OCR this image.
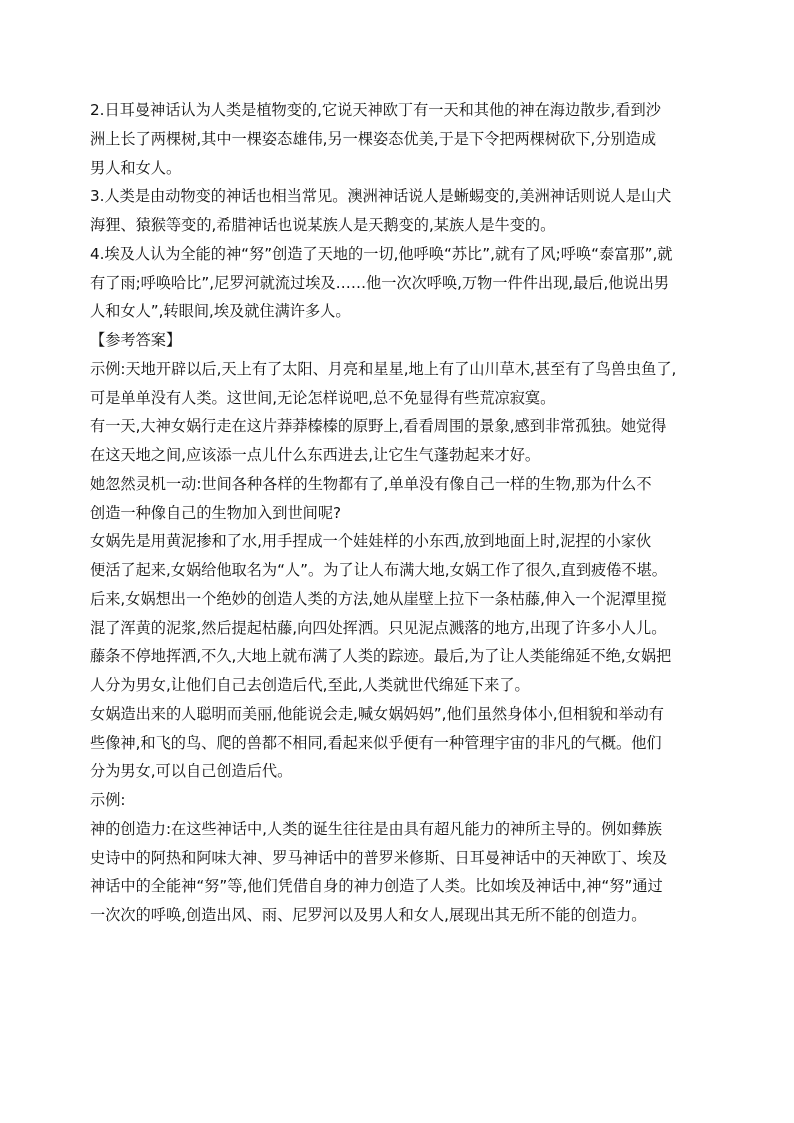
2.日耳曼神话认为人类是植物变的,它说天神欧丁有一天和其他的神在海边散步,看到沙
洲上长了两棵树,其中一棵姿态雄伟,另一棵姿态优美,于是下令把两棵树砍下,分别造成
男人和女人。
3.人类是由动物变的神话也相当常见。澳洲神话说人是蜥蜴变的,美洲神话则说人是山犬
海狸、猿猴等变的,希腊神话也说某族人是天鹅变的,某族人是牛变的。
4.埃及人认为全能的神“努”创造了天地的一切,他呼唤“苏比”,就有了风;呼唤“泰富那”,就
有了雨;呼唤哈比”,尼罗河就流过埃及……他一次次呼唤,万物一件件出现,最后,他说出男
人和女人”,转眼间,埃及就住满许多人。
【参考答案】
示例:天地开辟以后,天上有了太阳、月亮和星星,地上有了山川草木,甚至有了鸟兽虫鱼了,
可是单单没有人类。这世间,无论怎样说吧,总不免显得有些荒凉寂寞。
有一天,大神女娲行走在这片莽莽榛榛的原野上,看看周围的景象,感到非常孤独。她觉得
在这天地之间,应该添一点儿什么东西进去,让它生气蓬勃起来才好。
她忽然灵机一动:世间各种各样的生物都有了,单单没有像自己一样的生物,那为什么不
创造一种像自己的生物加入到世间呢?
女娲先是用黄泥掺和了水,用手捏成一个娃娃样的小东西,放到地面上时,泥捏的小家伙
便活了起来,女娲给他取名为“人”。为了让人布满大地,女娲工作了很久,直到疲倦不堪。
后来,女娲想出一个绝妙的创造人类的方法,她从崖壁上拉下一条枯藤,伸入一个泥潭里搅
混了浑黄的泥浆,然后提起枯藤,向四处挥洒。只见泥点溅落的地方,出现了许多小人儿。
藤条不停地挥洒,不久,大地上就布满了人类的踪迹。最后,为了让人类能绵延不绝,女娲把
人分为男女,让他们自己去创造后代,至此,人类就世代绵延下来了。
女娲造出来的人聪明而美丽,他能说会走,喊女娲妈妈”,他们虽然身体小,但相貌和举动有
些像神,和飞的鸟、爬的兽都不相同,看起来似乎便有一种管理宇宙的非凡的气概。他们
分为男女,可以自己创造后代。
示例:
神的创造力:在这些神话中,人类的诞生往往是由具有超凡能力的神所主导的。例如彝族
史诗中的阿热和阿味大神、罗马神话中的普罗米修斯、日耳曼神话中的天神欧丁、埃及
神话中的全能神“努”等,他们凭借自身的神力创造了人类。比如埃及神话中,神“努”通过
一次次的呼唤,创造出风、雨、尼罗河以及男人和女人,展现出其无所不能的创造力。
